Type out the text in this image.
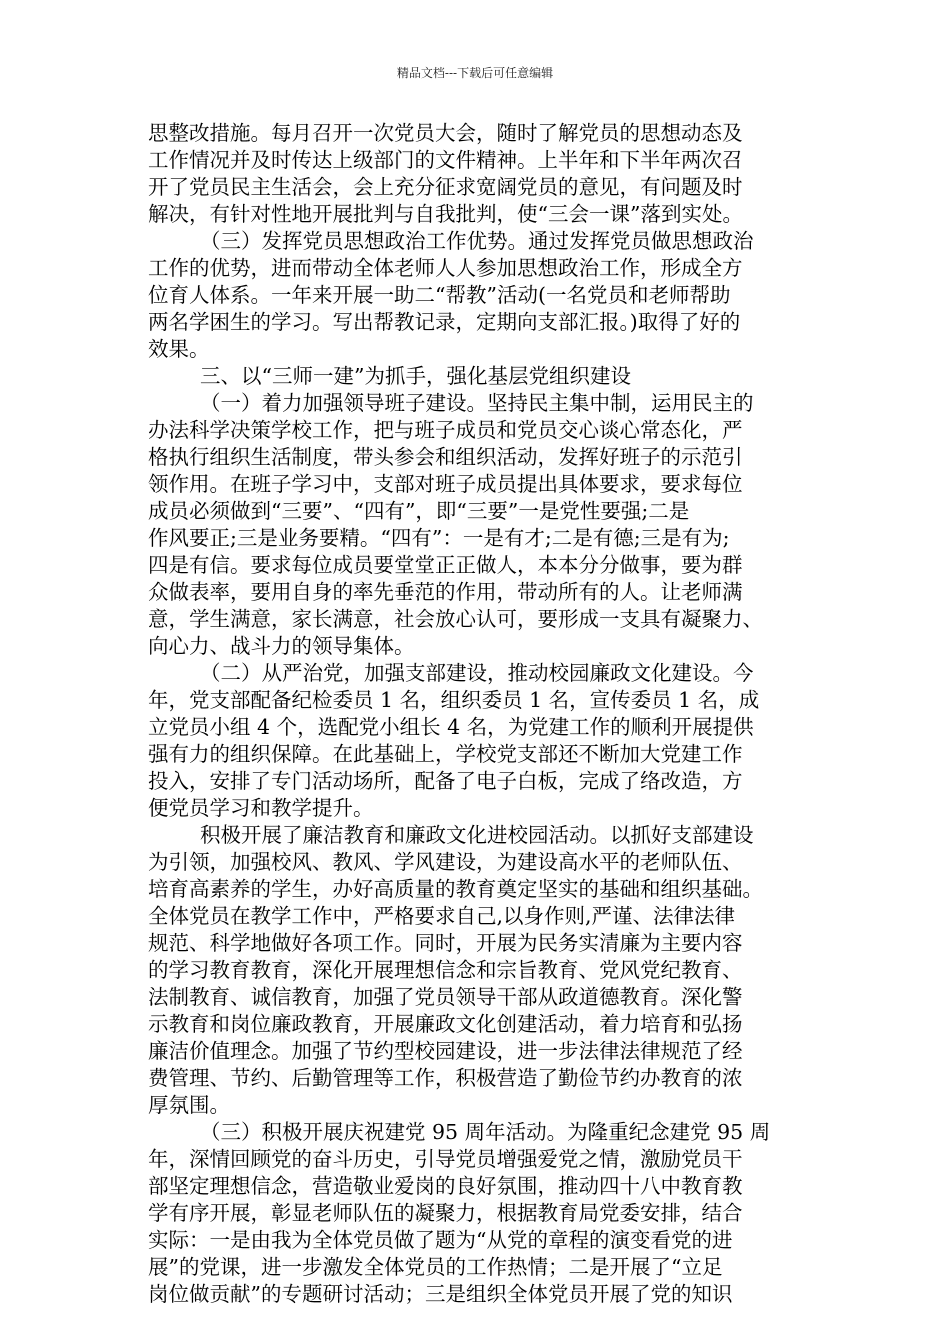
精品文档---下载后可任意编辑
思整改措施。每月召开一次党员大会，随时了解党员的思想动态及
工作情况并及时传达上级部门的文件精神。上半年和下半年两次召
开了党员民主生活会，会上充分征求宽阔党员的意见，有问题及时
解决，有针对性地开展批判与自我批判，使“三会一课”落到实处。
（三）发挥党员思想政治工作优势。通过发挥党员做思想政治
工作的优势，进而带动全体老师人人参加思想政治工作，形成全方
位育人体系。一年来开展一助二“帮教”活动(一名党员和老师帮助
两名学困生的学习。写出帮教记录，定期向支部汇报。)取得了好的
效果。
三、以“三师一建”为抓手，强化基层党组织建设
（一）着力加强领导班子建设。坚持民主集中制，运用民主的
办法科学决策学校工作，把与班子成员和党员交心谈心常态化，严
格执行组织生活制度，带头参会和组织活动，发挥好班子的示范引
领作用。在班子学习中，支部对班子成员提出具体要求，要求每位
成员必须做到“三要”、“四有”，即“三要”一是党性要强;二是
作风要正;三是业务要精。“四有”：一是有才;二是有德;三是有为;
四是有信。要求每位成员要堂堂正正做人，本本分分做事，要为群
众做表率，要用自身的率先垂范的作用，带动所有的人。让老师满
意，学生满意，家长满意，社会放心认可，要形成一支具有凝聚力、
向心力、战斗力的领导集体。
（二）从严治党，加强支部建设，推动校园廉政文化建设。今
年，党支部配备纪检委员 1 名，组织委员 1 名，宣传委员 1 名，成
立党员小组 4 个，选配党小组长 4 名，为党建工作的顺利开展提供
强有力的组织保障。在此基础上，学校党支部还不断加大党建工作
投入，安排了专门活动场所，配备了电子白板，完成了络改造，方
便党员学习和教学提升。
积极开展了廉洁教育和廉政文化进校园活动。以抓好支部建设
为引领，加强校风、教风、学风建设，为建设高水平的老师队伍、
培育高素养的学生，办好高质量的教育奠定坚实的基础和组织基础。
全体党员在教学工作中，严格要求自己,以身作则,严谨、法律法律
规范、科学地做好各项工作。同时，开展为民务实清廉为主要内容
的学习教育教育，深化开展理想信念和宗旨教育、党风党纪教育、
法制教育、诚信教育，加强了党员领导干部从政道德教育。深化警
示教育和岗位廉政教育，开展廉政文化创建活动，着力培育和弘扬
廉洁价值理念。加强了节约型校园建设，进一步法律法律规范了经
费管理、节约、后勤管理等工作，积极营造了勤俭节约办教育的浓
厚氛围。
（三）积极开展庆祝建党 95 周年活动。为隆重纪念建党 95 周
年，深情回顾党的奋斗历史，引导党员增强爱党之情，激励党员干
部坚定理想信念，营造敬业爱岗的良好氛围，推动四十八中教育教
学有序开展，彰显老师队伍的凝聚力，根据教育局党委安排，结合
实际：一是由我为全体党员做了题为“从党的章程的演变看党的进
展”的党课，进一步激发全体党员的工作热情；二是开展了“立足
岗位做贡献”的专题研讨活动；三是组织全体党员开展了党的知识
